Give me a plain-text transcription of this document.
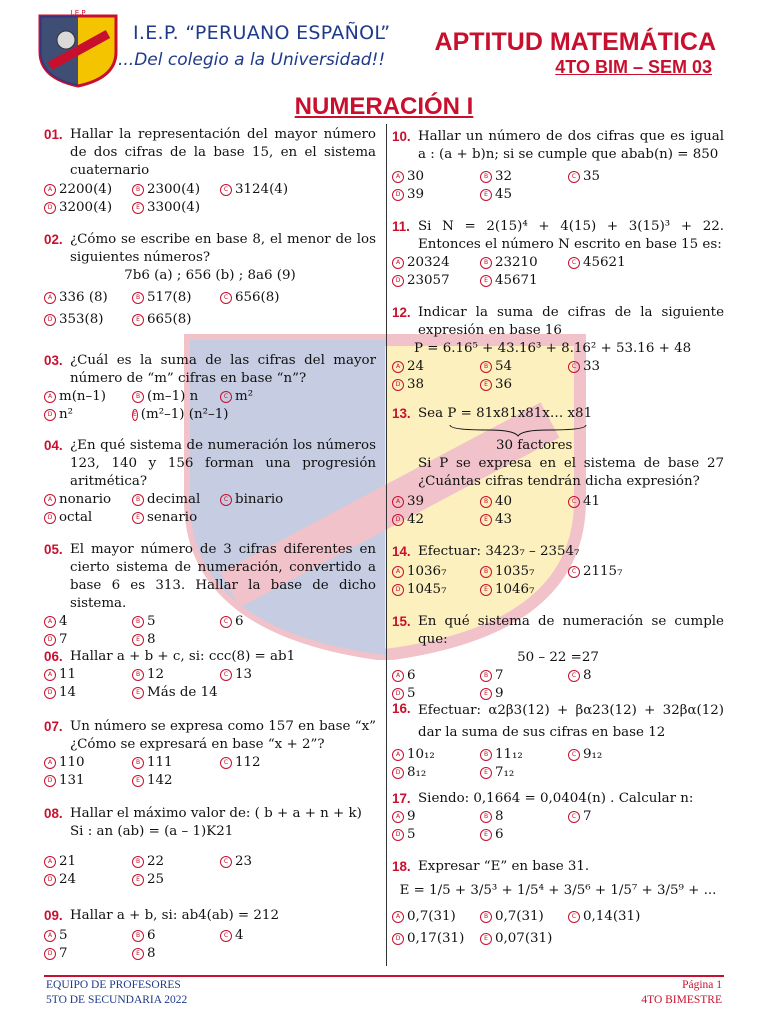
I.E.P
I.E.P. “PERUANO ESPAÑOL”
...Del colegio a la Universidad!!
APTITUD MATEMÁTICA
4TO BIM – SEM 03
NUMERACIÓN I
01. Hallar la representación del mayor número de dos cifras de la base 15, en el sistema cuaternario
A 2200(4)	B 2300(4)	C 3124(4)
D 3200(4)	E 3300(4)
02. ¿Cómo se escribe en base 8, el menor de los siguientes números?
7b6 (a) ; 656 (b) ; 8a6 (9)
A 336 (8)	B 517(8)	C 656(8)
D 353(8)	E 665(8)
03. ¿Cuál es la suma de las cifras del mayor número de “m” cifras en base “n”?
A m(n–1)	B (m–1) n	C m²
D n²	E (m²–1) (n²–1)
04. ¿En qué sistema de numeración los números 123, 140 y 156 forman una progresión aritmética?
A nonario	B decimal	C binario
D octal	E senario
05. El mayor número de 3 cifras diferentes en cierto sistema de numeración, convertido a base 6 es 313. Hallar la base de dicho sistema.
A 4	B 5	C 6
D 7	E 8
06. Hallar a + b + c, si: ccc(8) = ab1
A 11	B 12	C 13
D 14	E Más de 14
07. Un número se expresa como 157 en base “x” ¿Cómo se expresará en base “x + 2”?
A 110	B 111	C 112
D 131	E 142
08. Hallar el máximo valor de: ( b + a + n + k)
Si : an (ab) = (a – 1)K21
A 21	B 22	C 23
D 24	E 25
09. Hallar a + b, si: ab4(ab) = 212
A 5	B 6	C 4
D 7	E 8
10. Hallar un número de dos cifras que es igual a : (a + b)n; si se cumple que abab(n) = 850
A 30	B 32	C 35
D 39	E 45
11. Si N = 2(15)⁴ + 4(15) + 3(15)³ + 22. Entonces el número N escrito en base 15 es:
A 20324	B 23210	C 45621
D 23057	E 45671
12. Indicar la suma de cifras de la siguiente expresión en base 16
P = 6.16⁵ + 43.16³ + 8.16² + 53.16 + 48
A 24	B 54	C 33
D 38	E 36
13. Sea P = 81x81x81x… x81
30 factores
Si P se expresa en el sistema de base 27 ¿Cuántas cifras tendrán dicha expresión?
A 39	B 40	C 41
D 42	E 43
14. Efectuar: 3423₇ – 2354₇
A 1036₇	B 1035₇	C 2115₇
D 1045₇	E 1046₇
15. En qué sistema de numeración se cumple que:
50 – 22 =27
A 6	B 7	C 8
D 5	E 9
16. Efectuar: α2β3(12) + βα23(12) + 32βα(12) dar la suma de sus cifras en base 12
A 10₁₂	B 11₁₂	C 9₁₂
D 8₁₂	E 7₁₂
17. Siendo: 0,1664 = 0,0404(n) . Calcular n:
A 9	B 8	C 7
D 5	E 6
18. Expresar “E” en base 31.
E = 1/5 + 3/5³ + 1/5⁴ + 3/5⁶ + 1/5⁷ + 3/5⁹ + ...
A 0,7(31)	B 0,7(31)	C 0,14(31)
D 0,17(31)	E 0,07(31)
EQUIPO DE PROFESORES
5TO DE SECUNDARIA 2022
Página 1
4TO BIMESTRE
